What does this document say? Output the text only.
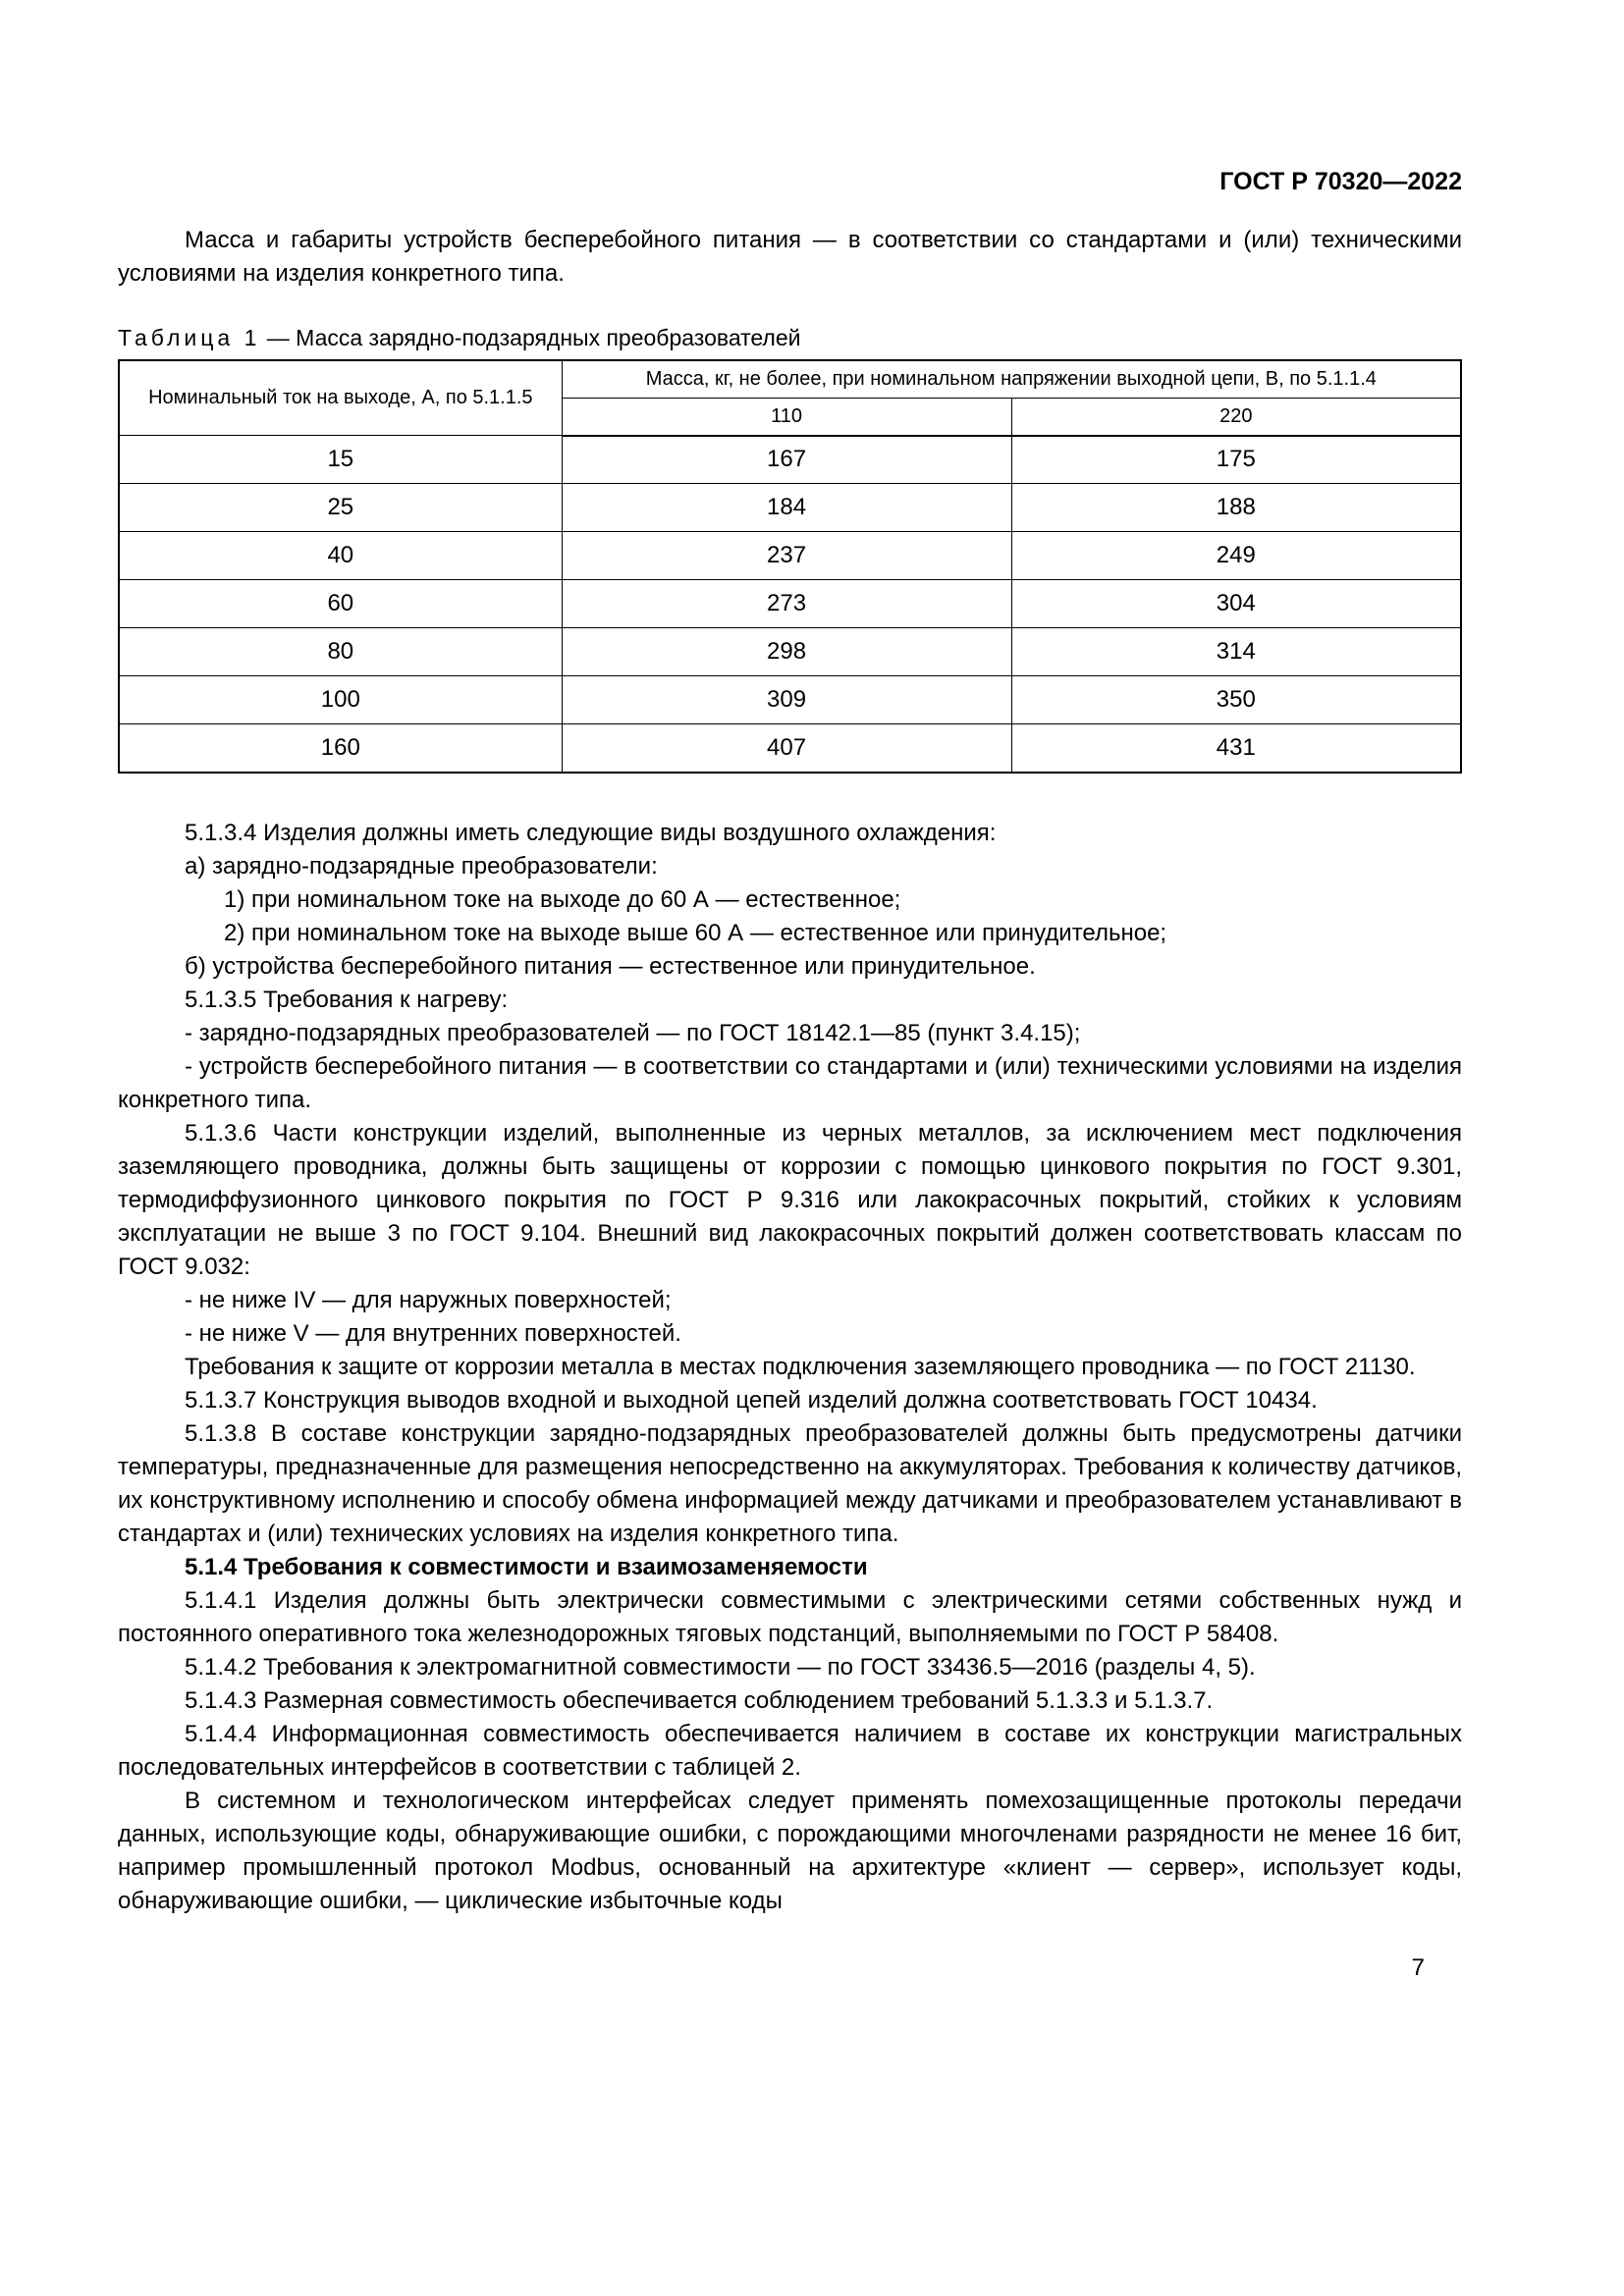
ГОСТ Р 70320—2022

Масса и габариты устройств бесперебойного питания — в соответствии со стандартами и (или) техническими условиями на изделия конкретного типа.

Таблица 1 — Масса зарядно-подзарядных преобразователей
Номинальный ток на выходе, А, по 5.1.1.5	Масса, кг, не более, при номинальном напряжении выходной цепи, В, по 5.1.1.4	
	110	220
15	167	175
25	184	188
40	237	249
60	273	304
80	298	314
100	309	350
160	407	431

5.1.3.4 Изделия должны иметь следующие виды воздушного охлаждения:

а) зарядно-подзарядные преобразователи:

1) при номинальном токе на выходе до 60 А — естественное;

2) при номинальном токе на выходе выше 60 А — естественное или принудительное;

б) устройства бесперебойного питания — естественное или принудительное.

5.1.3.5 Требования к нагреву:

- зарядно-подзарядных преобразователей — по ГОСТ 18142.1—85 (пункт 3.4.15);

- устройств бесперебойного питания — в соответствии со стандартами и (или) техническими условиями на изделия конкретного типа.

5.1.3.6 Части конструкции изделий, выполненные из черных металлов, за исключением мест подключения заземляющего проводника, должны быть защищены от коррозии с помощью цинкового покрытия по ГОСТ 9.301, термодиффузионного цинкового покрытия по ГОСТ Р 9.316 или лакокрасочных покрытий, стойких к условиям эксплуатации не выше 3 по ГОСТ 9.104. Внешний вид лакокрасочных покрытий должен соответствовать классам по ГОСТ 9.032:

- не ниже IV — для наружных поверхностей;

- не ниже V — для внутренних поверхностей.

Требования к защите от коррозии металла в местах подключения заземляющего проводника — по ГОСТ 21130.

5.1.3.7 Конструкция выводов входной и выходной цепей изделий должна соответствовать ГОСТ 10434.

5.1.3.8 В составе конструкции зарядно-подзарядных преобразователей должны быть предусмотрены датчики температуры, предназначенные для размещения непосредственно на аккумуляторах. Требования к количеству датчиков, их конструктивному исполнению и способу обмена информацией между датчиками и преобразователем устанавливают в стандартах и (или) технических условиях на изделия конкретного типа.

5.1.4 Требования к совместимости и взаимозаменяемости

5.1.4.1 Изделия должны быть электрически совместимыми с электрическими сетями собственных нужд и постоянного оперативного тока железнодорожных тяговых подстанций, выполняемыми по ГОСТ Р 58408.

5.1.4.2 Требования к электромагнитной совместимости — по ГОСТ 33436.5—2016 (разделы 4, 5).

5.1.4.3 Размерная совместимость обеспечивается соблюдением требований 5.1.3.3 и 5.1.3.7.

5.1.4.4 Информационная совместимость обеспечивается наличием в составе их конструкции магистральных последовательных интерфейсов в соответствии с таблицей 2.

В системном и технологическом интерфейсах следует применять помехозащищенные протоколы передачи данных, использующие коды, обнаруживающие ошибки, с порождающими многочленами разрядности не менее 16 бит, например промышленный протокол Modbus, основанный на архитектуре «клиент — сервер», использует коды, обнаруживающие ошибки, — циклические избыточные коды

7
